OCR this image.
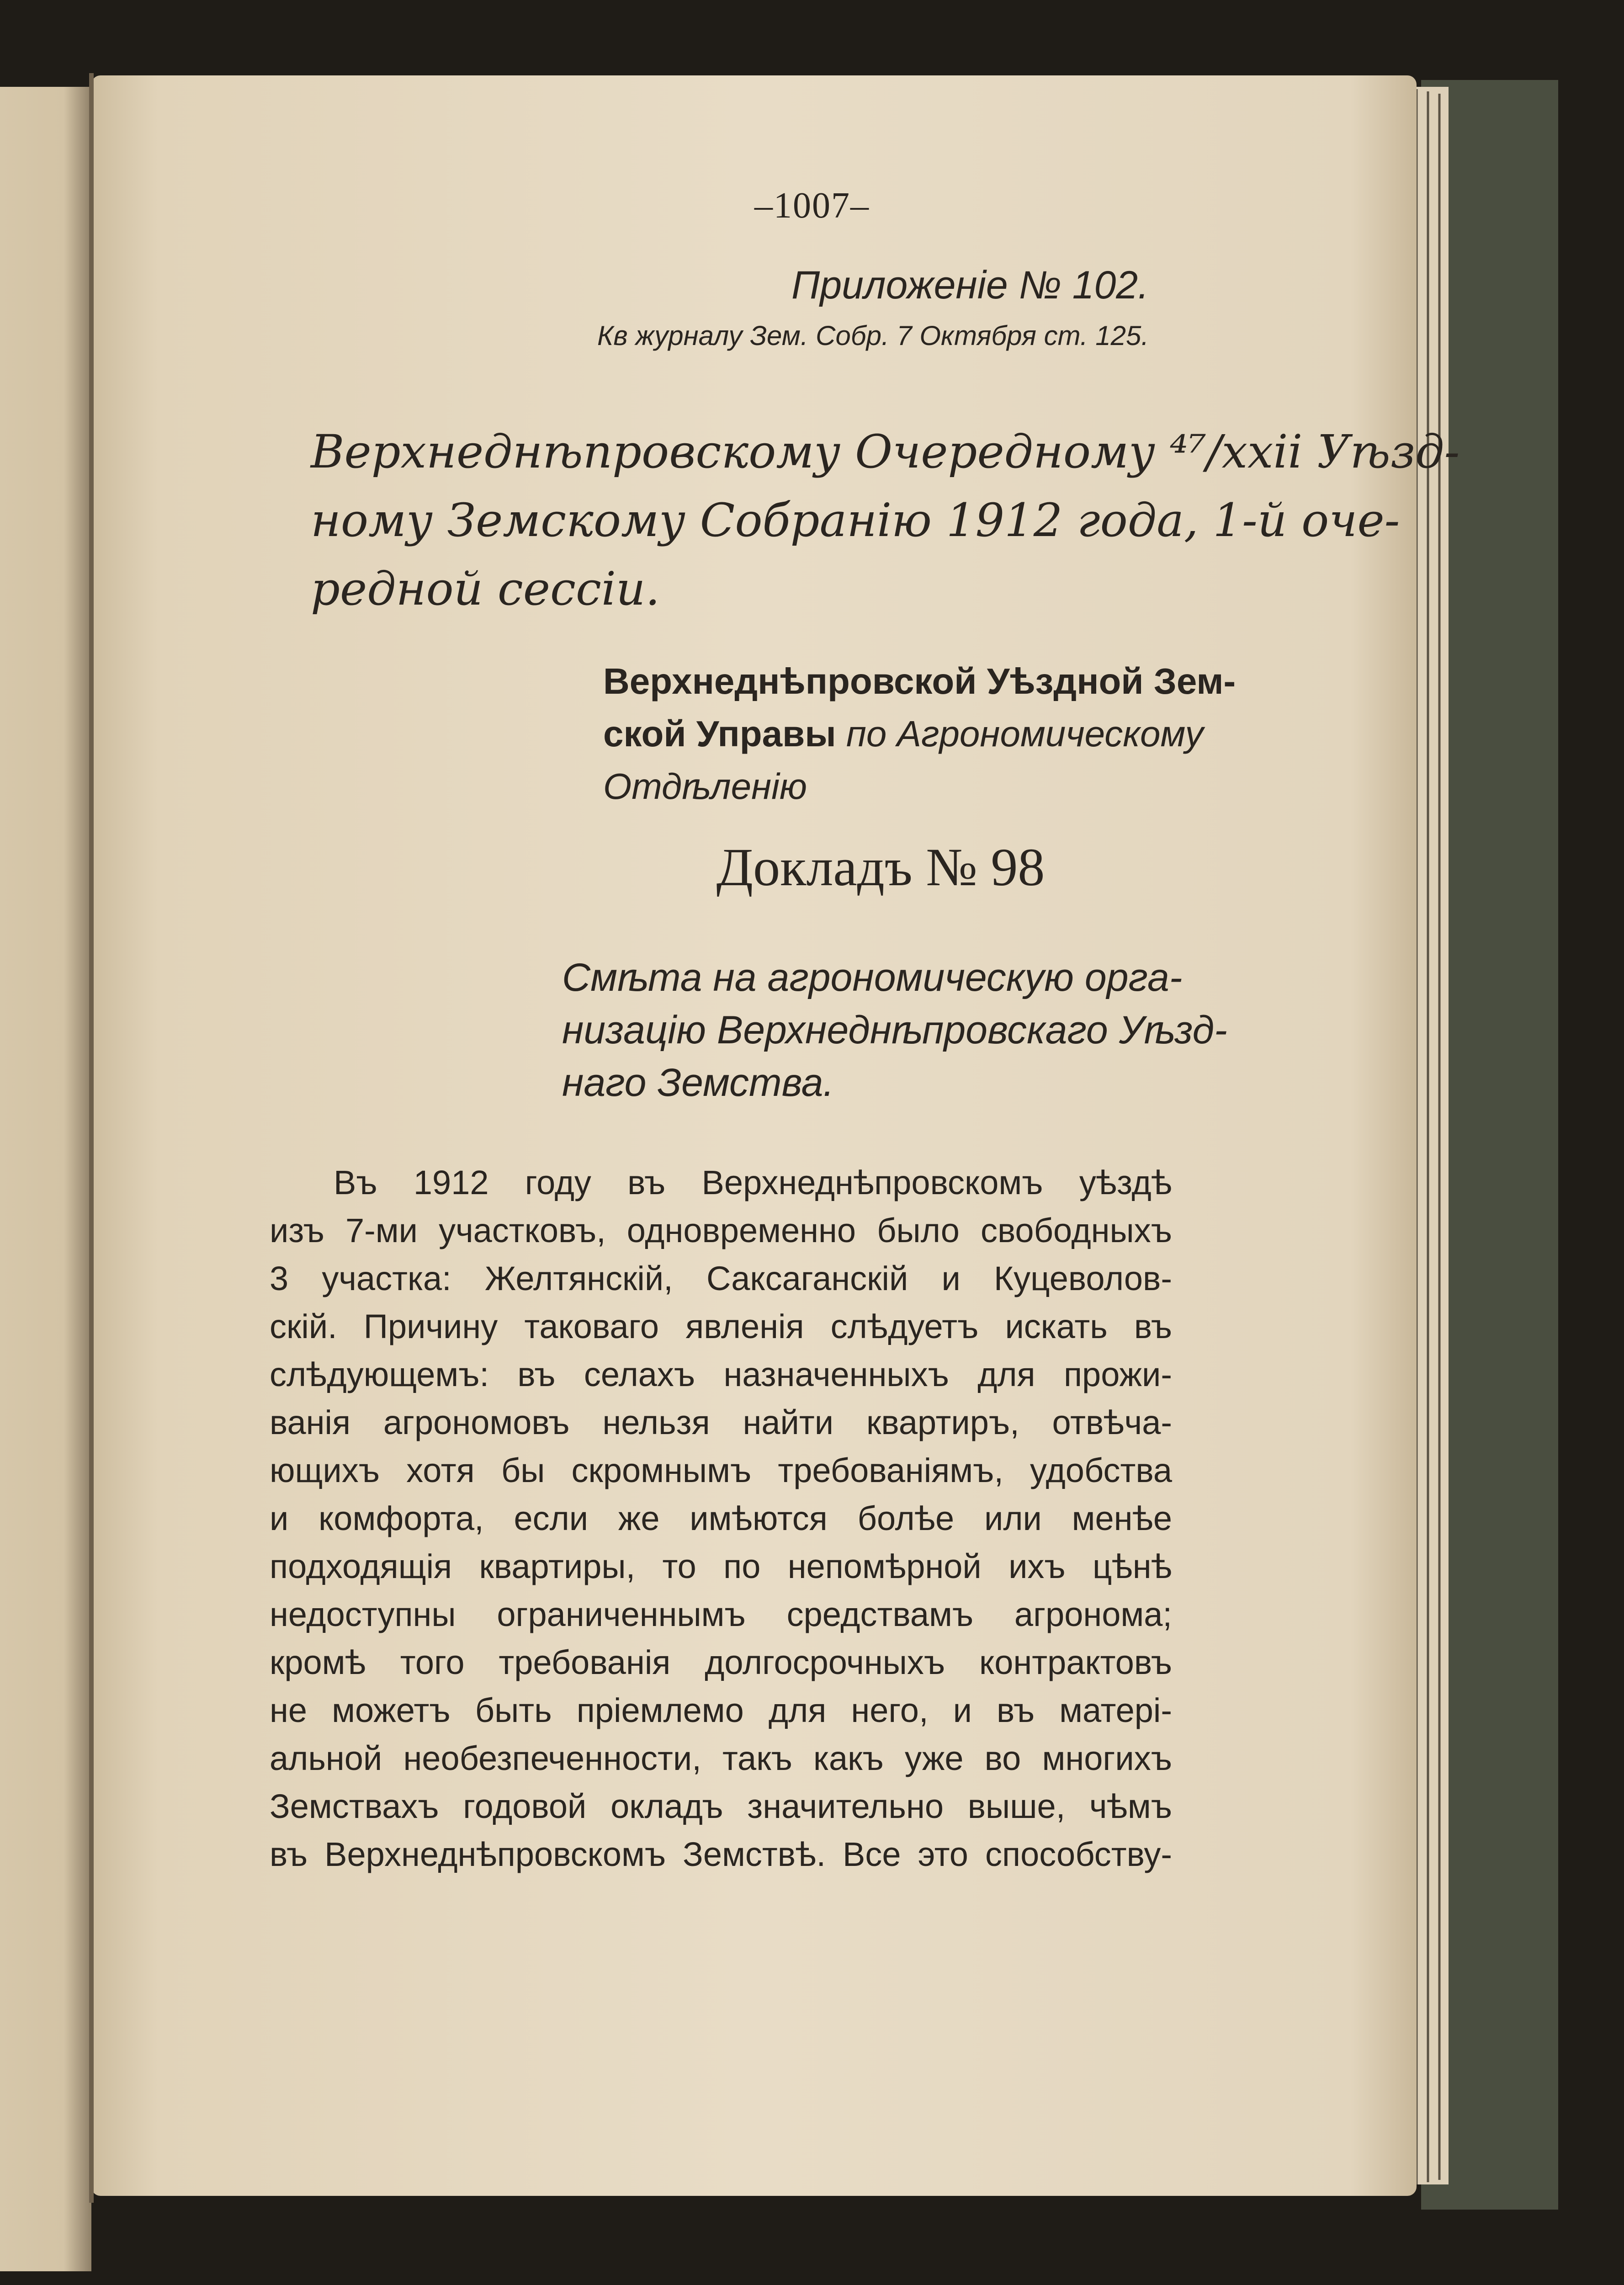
–1007–

Приложеніе № 102.

Кв журналу Зем. Собр. 7 Октября ст. 125.

Верхнеднѣпровскому Очередному ⁴⁷/xxii Уѣзд-

ному Земскому Собранію 1912 года, 1-й оче-

редной сессіи.

Верхнеднѣпровской Уѣздной Зем-

ской Управы по Агрономическому

Отдѣленію

Докладъ № 98

Смѣта на агрономическую орга-

низацію Верхнеднѣпровскаго Уѣзд-

наго Земства.

Въ 1912 году въ Верхнеднѣпровскомъ уѣздѣ

изъ 7-ми участковъ, одновременно было свободныхъ

3 участка: Желтянскій, Саксаганскій и Куцеволов-

скій. Причину таковаго явленія слѣдуетъ искать въ

слѣдующемъ: въ селахъ назначенныхъ для прожи-

ванія агрономовъ нельзя найти квартиръ, отвѣча-

ющихъ хотя бы скромнымъ требованіямъ, удобства

и комфорта, если же имѣются болѣе или менѣе

подходящія квартиры, то по непомѣрной ихъ цѣнѣ

недоступны ограниченнымъ средствамъ агронома;

кромѣ того требованія долгосрочныхъ контрактовъ

не можетъ быть пріемлемо для него, и въ матері-

альной необезпеченности, такъ какъ уже во многихъ

Земствахъ годовой окладъ значительно выше, чѣмъ

въ Верхнеднѣпровскомъ Земствѣ. Все это способству-
